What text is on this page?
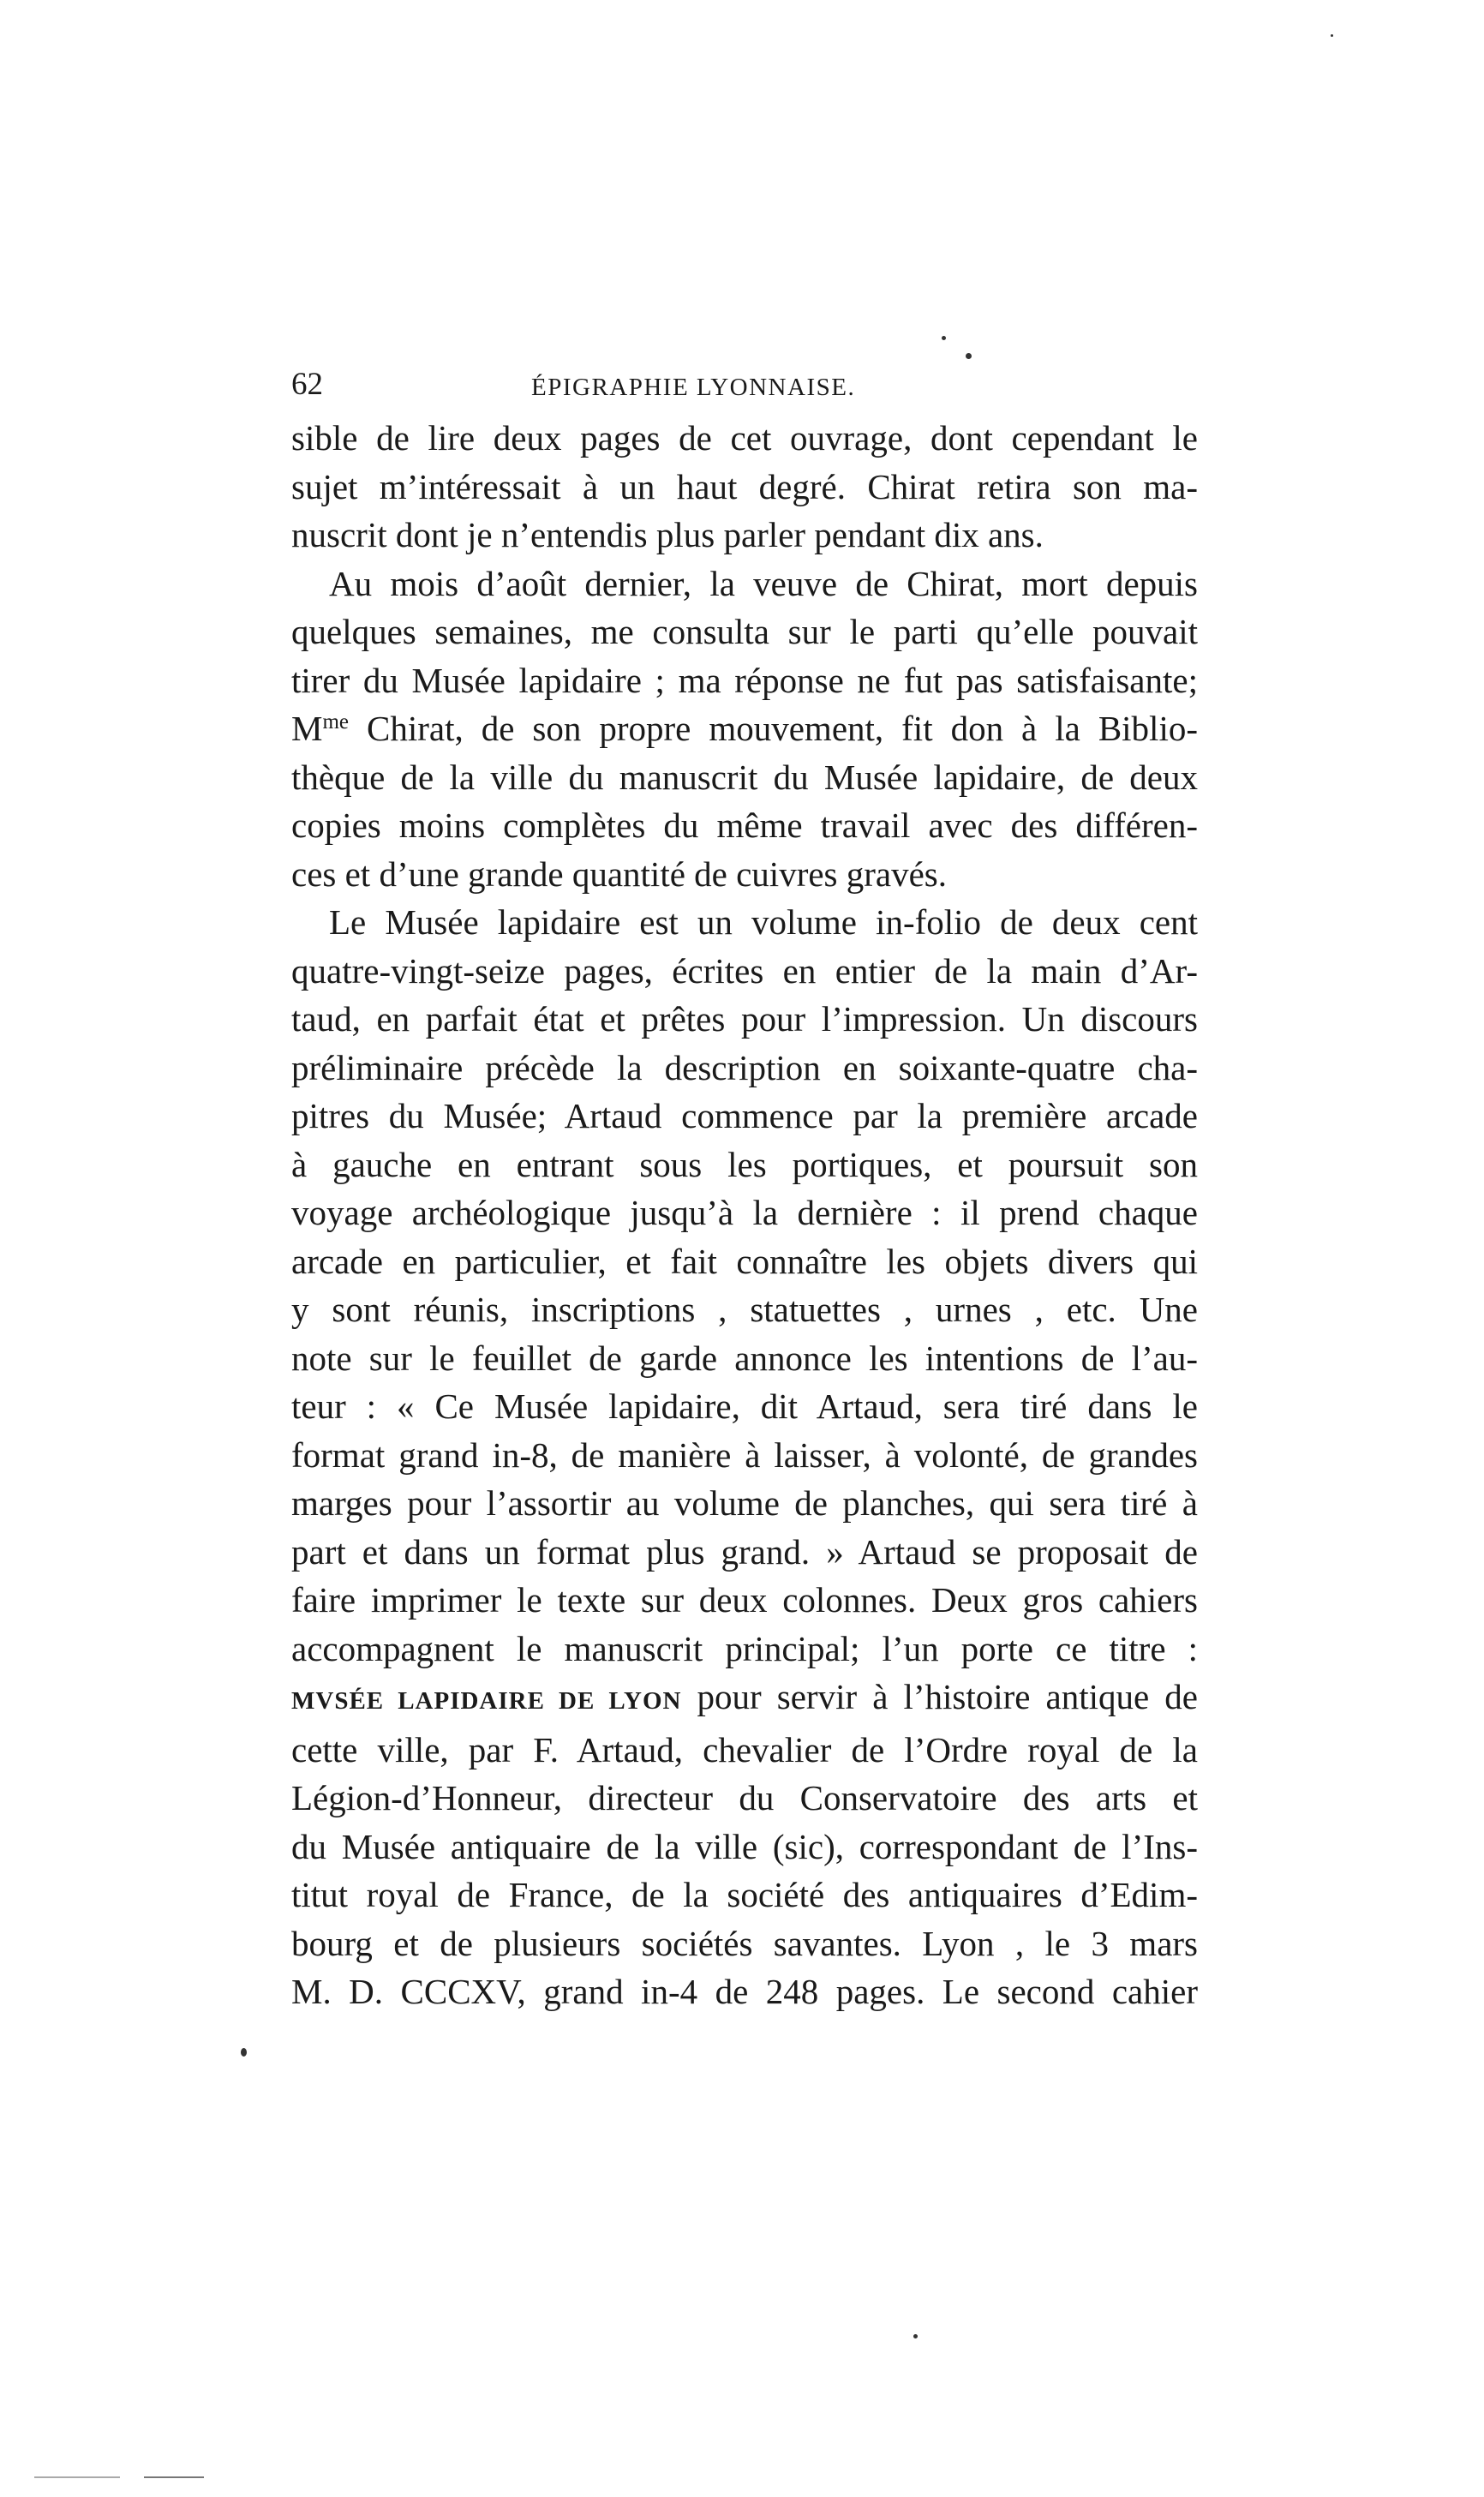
62	ÉPIGRAPHIE LYONNAISE.
sible de lire deux pages de cet ouvrage, dont cependant le
sujet m’intéressait à un haut degré. Chirat retira son ma-
nuscrit dont je n’entendis plus parler pendant dix ans.
Au mois d’août dernier, la veuve de Chirat, mort depuis
quelques semaines, me consulta sur le parti qu’elle pouvait
tirer du Musée lapidaire ; ma réponse ne fut pas satisfaisante;
$M^{me}$ Chirat, de son propre mouvement, fit don à la Biblio-
thèque de la ville du manuscrit du Musée lapidaire, de deux
copies moins complètes du même travail avec des différen-
ces et d’une grande quantité de cuivres gravés.
Le Musée lapidaire est un volume in-folio de deux cent
quatre-vingt-seize pages, écrites en entier de la main d’Ar-
taud, en parfait état et prêtes pour l’impression. Un discours
préliminaire précède la description en soixante-quatre cha-
pitres du Musée; Artaud commence par la première arcade
à gauche en entrant sous les portiques, et poursuit son
voyage archéologique jusqu’à la dernière : il prend chaque
arcade en particulier, et fait connaître les objets divers qui
y sont réunis, inscriptions , statuettes , urnes , etc. Une
note sur le feuillet de garde annonce les intentions de l’au-
teur : « Ce Musée lapidaire, dit Artaud, sera tiré dans le
format grand in-8, de manière à laisser, à volonté, de grandes
marges pour l’assortir au volume de planches, qui sera tiré à
part et dans un format plus grand. » Artaud se proposait de
faire imprimer le texte sur deux colonnes. Deux gros cahiers
accompagnent le manuscrit principal; l’un porte ce titre :
MVSÉE LAPIDAIRE DE LYON pour servir à l’histoire antique de
cette ville, par F. Artaud, chevalier de l’Ordre royal de la
Légion-d’Honneur, directeur du Conservatoire des arts et
du Musée antiquaire de la ville (sic), correspondant de l’Ins-
titut royal de France, de la société des antiquaires d’Edim-
bourg et de plusieurs sociétés savantes. Lyon , le 3 mars
M. D. CCCXV, grand in-4 de 248 pages. Le second cahier
